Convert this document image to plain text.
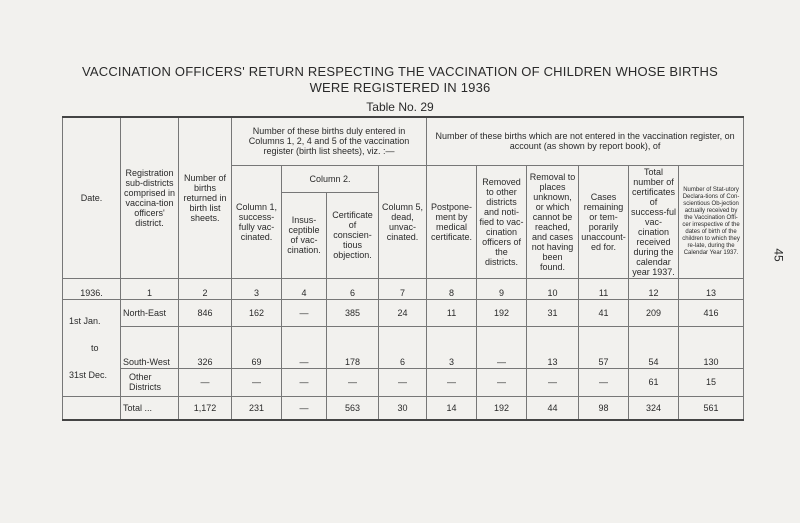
VACCINATION OFFICERS' RETURN RESPECTING THE VACCINATION OF CHILDREN WHOSE BIRTHS
WERE REGISTERED IN 1936
Table No. 29
45
Date.	Registration sub-districts comprised in vaccina-tion officers' district.	Number of births returned in birth list sheets.	Number of these births duly entered in Columns 1, 2, 4 and 5 of the vaccination register (birth list sheets), viz. :—				Number of these births which are not entered in the vaccination register, on account (as shown by report book), of					
			Column 1, success-fully vac-cinated.	Column 2.		Column 5, dead, unvac-cinated.	Postpone-ment by medical certificate.	Removed to other districts and noti-fied to vac-cination officers of the districts.	Removal to places unknown, or which cannot be reached, and cases not having been found.	Cases remaining or tem-porarily unaccount-ed for.	Total number of certificates of success-ful vac-cination received during the calendar year 1937.	Number of Stat-utory Declara-tions of Con-scientious Ob-jection actually received by the Vaccination Offi-cer irrespective of the dates of birth of the children to which they re-late, during the Calendar Year 1937.
				Insus-ceptible of vac-cination.	Certificate of conscien-tious objection.							
1936.	1	2	3	4	6	7	8	9	10	11	12	13

1st Jan.
to
31st Dec.	North-East	846	162	—	385	24	11	192	31	41	209	416
	South-West	326	69	—	178	6	3	—	13	57	54	130
	Other Districts	—	—	—	—	—	—	—	—	—	61	15
	Total ...	1,172	231	—	563	30	14	192	44	98	324	561
